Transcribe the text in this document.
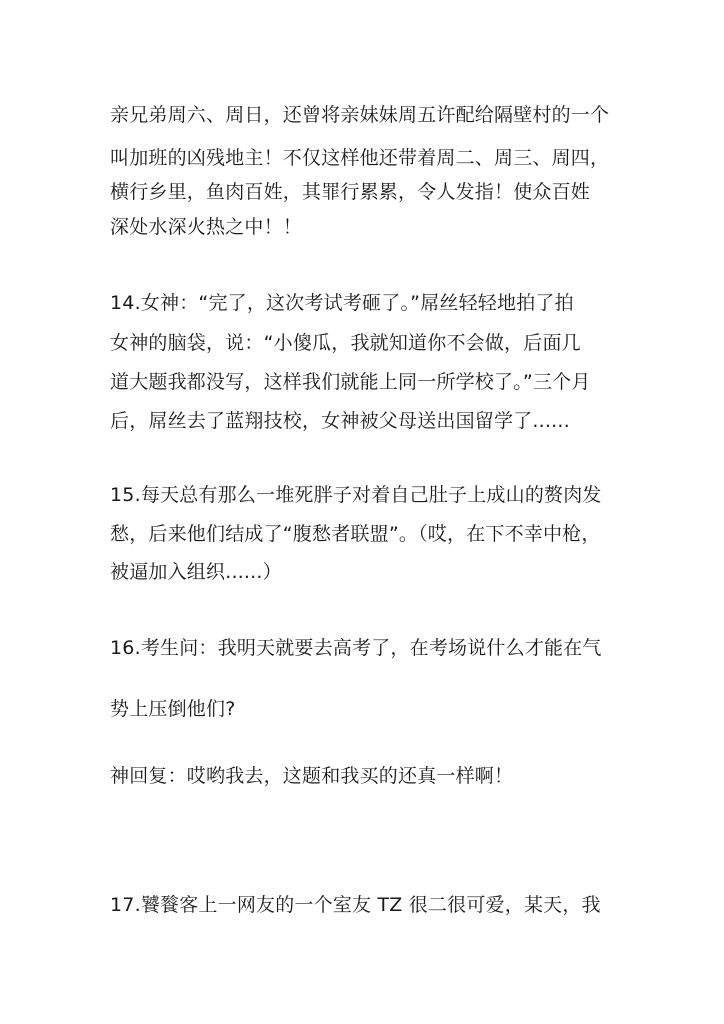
亲兄弟周六、周日，还曾将亲妹妹周五许配给隔壁村的一个
叫加班的凶残地主！不仅这样他还带着周二、周三、周四，
横行乡里，鱼肉百姓，其罪行累累，令人发指！使众百姓
深处水深火热之中！！
14.女神：“完了，这次考试考砸了。”屌丝轻轻地拍了拍
女神的脑袋，说：“小傻瓜，我就知道你不会做，后面几
道大题我都没写，这样我们就能上同一所学校了。”三个月
后，屌丝去了蓝翔技校，女神被父母送出国留学了......
15.每天总有那么一堆死胖子对着自己肚子上成山的赘肉发
愁，后来他们结成了“腹愁者联盟”。（哎，在下不幸中枪，
被逼加入组织......）
16.考生问：我明天就要去高考了，在考场说什么才能在气
势上压倒他们?
神回复：哎哟我去，这题和我买的还真一样啊！
17.饕餮客上一网友的一个室友 TZ 很二很可爱，某天，我
